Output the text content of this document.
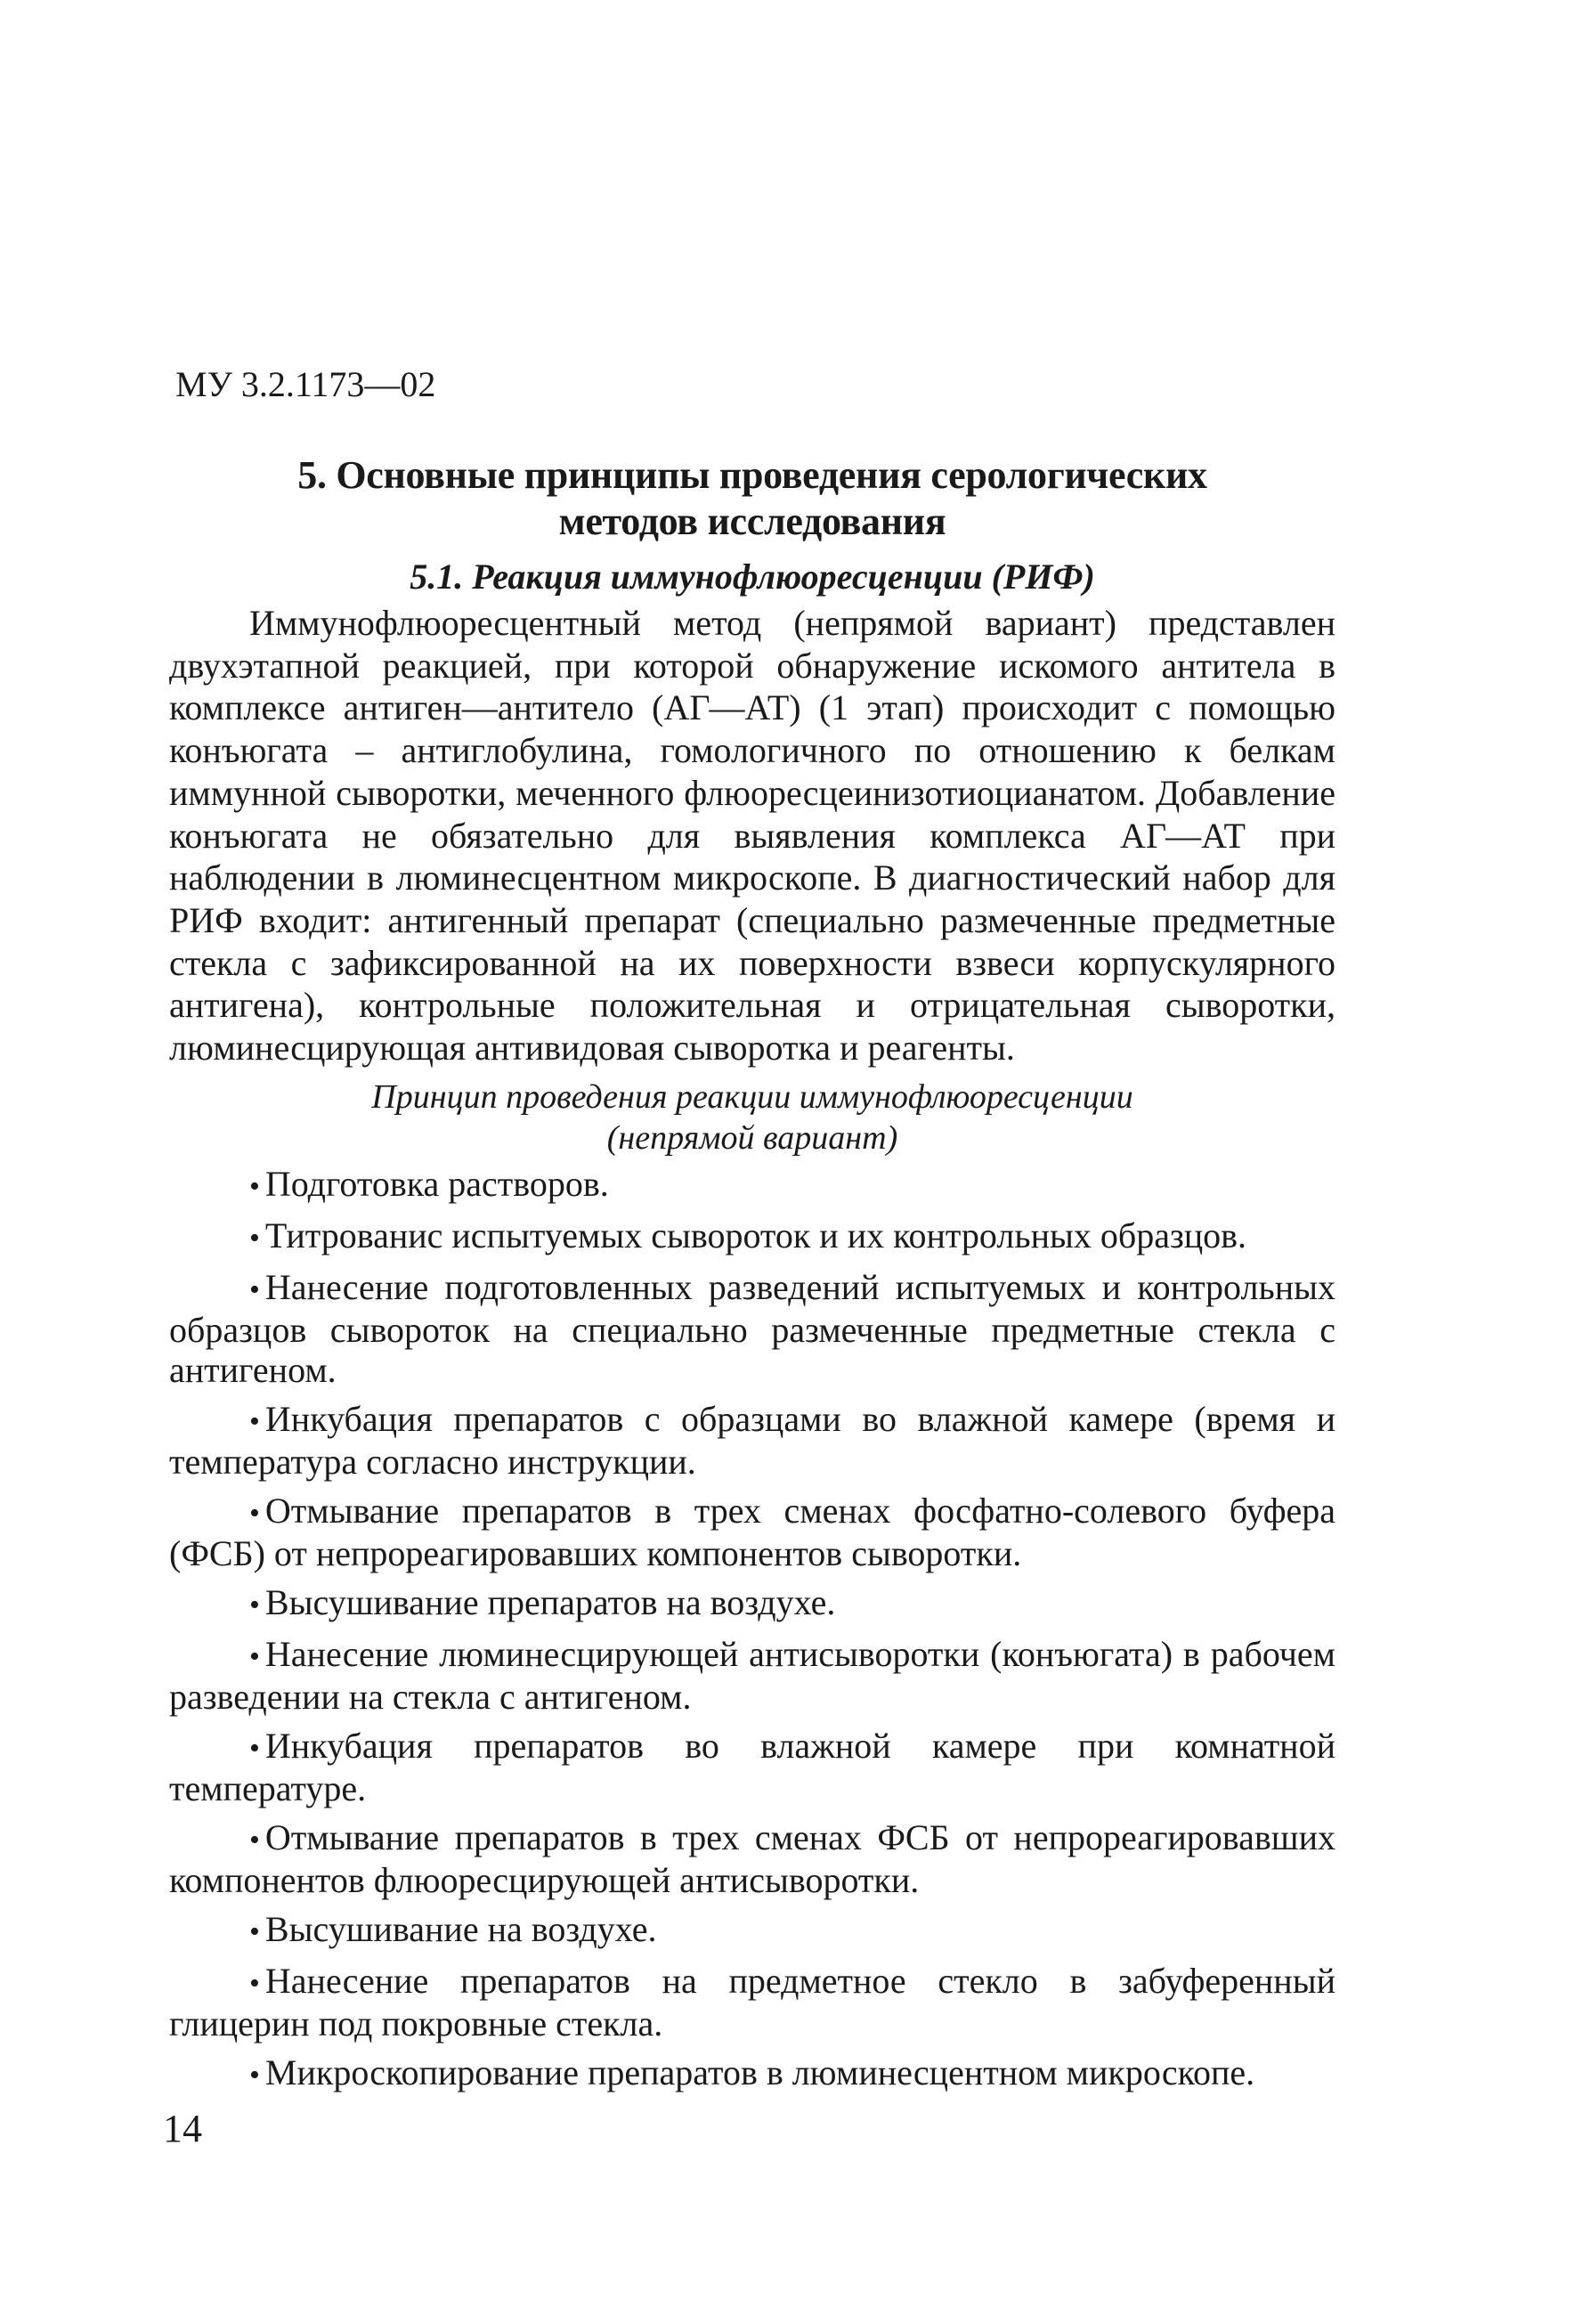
МУ 3.2.1173—02
5. Основные принципы проведения серологических
методов исследования
5.1. Реакция иммунофлюоресценции (РИФ)

Иммунофлюоресцентный метод (непрямой вариант) представлен двухэтапной реакцией, при которой обнаружение искомого антитела в комплексе антиген—антитело (АГ—АТ) (1 этап) происходит с помощью конъюгата – антиглобулина, гомологичного по отношению к белкам иммунной сыворотки, меченного флюоресцеинизотиоцианатом. Добавление конъюгата не обязательно для выявления комплекса АГ—АТ при наблюдении в люминесцентном микроскопе. В диагностический набор для РИФ входит: антигенный препарат (специально размеченные предметные стекла с зафиксированной на их поверхности взвеси корпускулярного антигена), контрольные положительная и отрицательная сыворотки, люминесцирующая антивидовая сыворотка и реагенты.

Принцип проведения реакции иммунофлюоресценции
(непрямой вариант)
• Подготовка растворов.
• Титрованис испытуемых сывороток и их контрольных образцов.
• Нанесение подготовленных разведений испытуемых и контрольных образцов сывороток на специально размеченные предметные стекла с антигеном.
• Инкубация препаратов с образцами во влажной камере (время и температура согласно инструкции.
• Отмывание препаратов в трех сменах фосфатно-солевого буфера (ФСБ) от непрореагировавших компонентов сыворотки.
• Высушивание препаратов на воздухе.
• Нанесение люминесцирующей антисыворотки (конъюгата) в рабочем разведении на стекла с антигеном.
• Инкубация препаратов во влажной камере при комнатной температуре.
• Отмывание препаратов в трех сменах ФСБ от непрореагировавших компонентов флюоресцирующей антисыворотки.
• Высушивание на воздухе.
• Нанесение препаратов на предметное стекло в забуференный глицерин под покровные стекла.
• Микроскопирование препаратов в люминесцентном микроскопе.
14
